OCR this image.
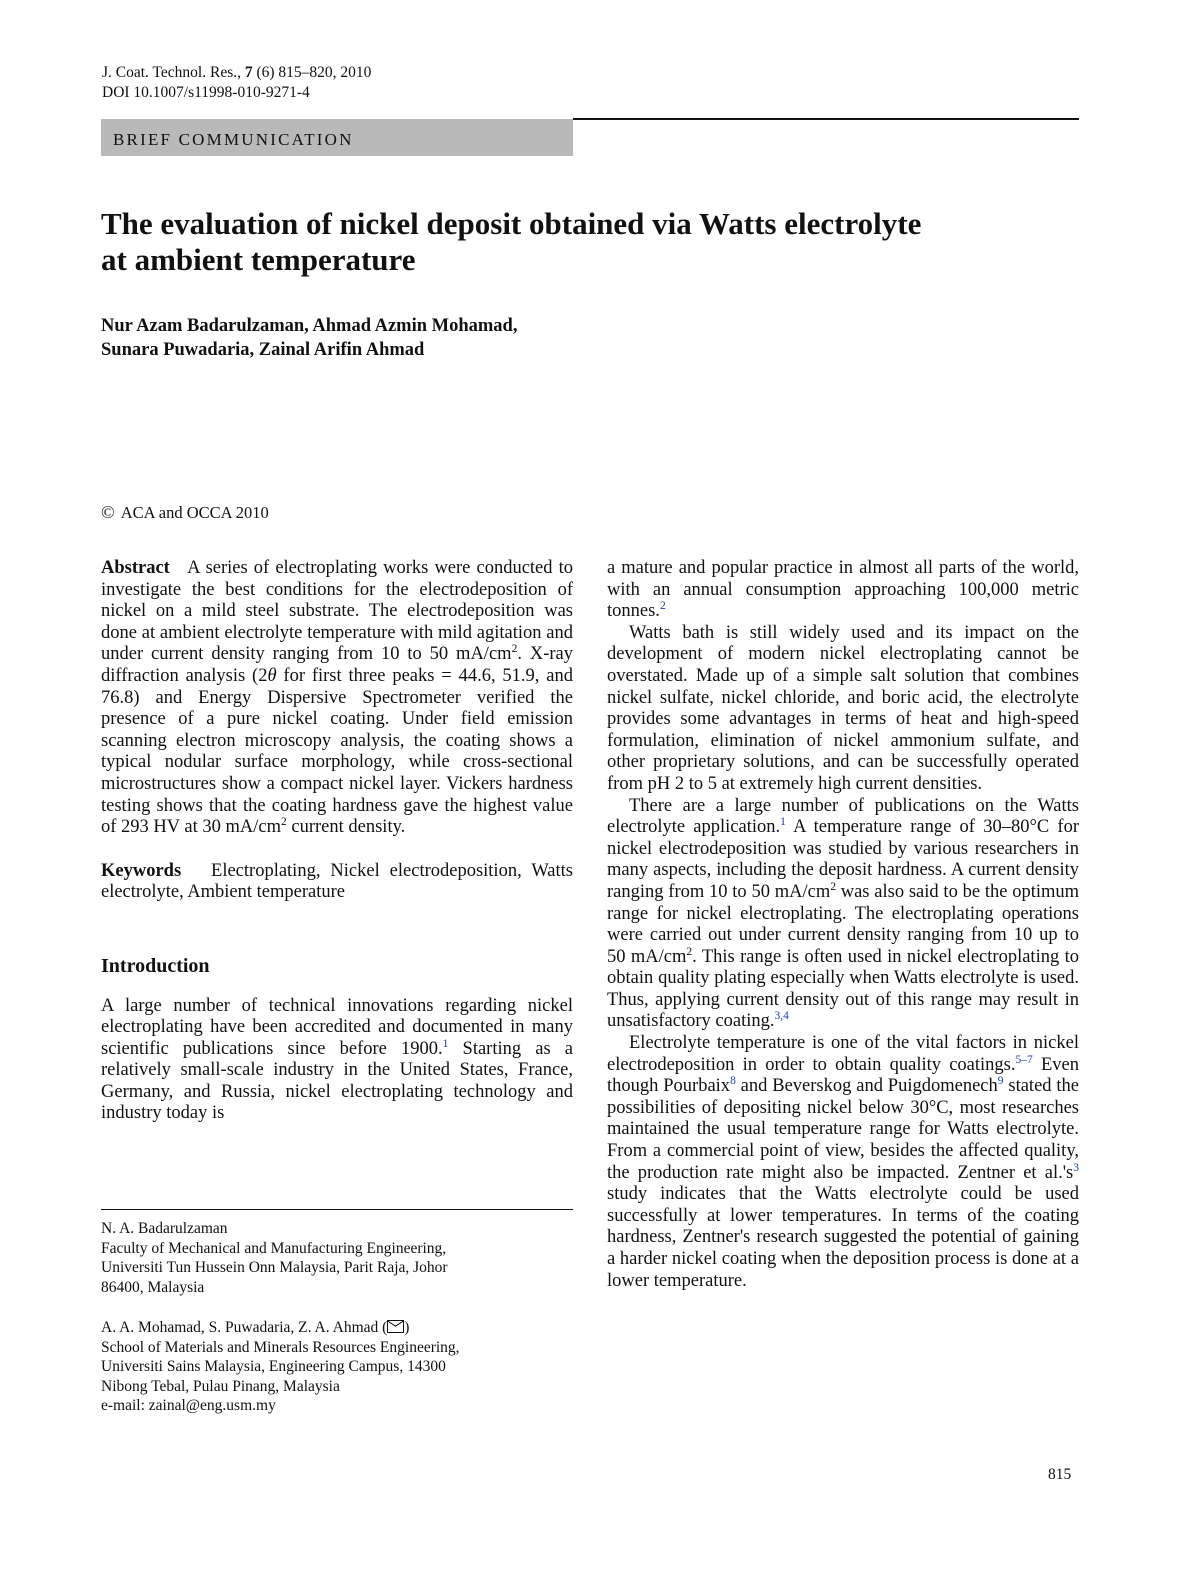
J. Coat. Technol. Res., 7 (6) 815–820, 2010
DOI 10.1007/s11998-010-9271-4
BRIEF COMMUNICATION
The evaluation of nickel deposit obtained via Watts electrolyte
at ambient temperature
Nur Azam Badarulzaman, Ahmad Azmin Mohamad,
Sunara Puwadaria, Zainal Arifin Ahmad
© ACA and OCCA 2010

Abstract A series of electroplating works were conducted to investigate the best conditions for the electrodeposition of nickel on a mild steel substrate. The electrodeposition was done at ambient electrolyte temperature with mild agitation and under current density ranging from 10 to 50 $mA/cm^2$. X-ray diffraction analysis (2θ for first three peaks = 44.6, 51.9, and 76.8) and Energy Dispersive Spectrometer verified the presence of a pure nickel coating. Under field emission scanning electron microscopy analysis, the coating shows a typical nodular surface morphology, while cross-sectional microstructures show a compact nickel layer. Vickers hardness testing shows that the coating hardness gave the highest value of 293 HV at 30 $mA/cm^2$ current density.

Keywords Electroplating, Nickel electrodeposition, Watts electrolyte, Ambient temperature

Introduction

A large number of technical innovations regarding nickel electroplating have been accredited and documented in many scientific publications since before 1900.$^1$ Starting as a relatively small-scale industry in the United States, France, Germany, and Russia, nickel electroplating technology and industry today is

N. A. Badarulzaman
Faculty of Mechanical and Manufacturing Engineering,
Universiti Tun Hussein Onn Malaysia, Parit Raja, Johor
86400, Malaysia
A. A. Mohamad, S. Puwadaria, Z. A. Ahmad ( )
School of Materials and Minerals Resources Engineering,
Universiti Sains Malaysia, Engineering Campus, 14300
Nibong Tebal, Pulau Pinang, Malaysia
e-mail: zainal@eng.usm.my

a mature and popular practice in almost all parts of the world, with an annual consumption approaching 100,000 metric tonnes.$^2$

Watts bath is still widely used and its impact on the development of modern nickel electroplating cannot be overstated. Made up of a simple salt solution that combines nickel sulfate, nickel chloride, and boric acid, the electrolyte provides some advantages in terms of heat and high-speed formulation, elimination of nickel ammonium sulfate, and other proprietary solutions, and can be successfully operated from pH 2 to 5 at extremely high current densities.

There are a large number of publications on the Watts electrolyte application.$^1$ A temperature range of 30–80°C for nickel electrodeposition was studied by various researchers in many aspects, including the deposit hardness. A current density ranging from 10 to 50 $mA/cm^2$ was also said to be the optimum range for nickel electroplating. The electroplating operations were carried out under current density ranging from 10 up to 50 $mA/cm^2$. This range is often used in nickel electroplating to obtain quality plating especially when Watts electrolyte is used. Thus, applying current density out of this range may result in unsatisfactory coating.$^{3,4}$

Electrolyte temperature is one of the vital factors in nickel electrodeposition in order to obtain quality coatings.$^{5-7}$ Even though Pourbaix$^8$ and Beverskog and Puigdomenech$^9$ stated the possibilities of depositing nickel below 30°C, most researches maintained the usual temperature range for Watts electrolyte. From a commercial point of view, besides the affected quality, the production rate might also be impacted. Zentner et $al.'s^3$ study indicates that the Watts electrolyte could be used successfully at lower temperatures. In terms of the coating hardness, Zentner's research suggested the potential of gaining a harder nickel coating when the deposition process is done at a lower temperature.

815
